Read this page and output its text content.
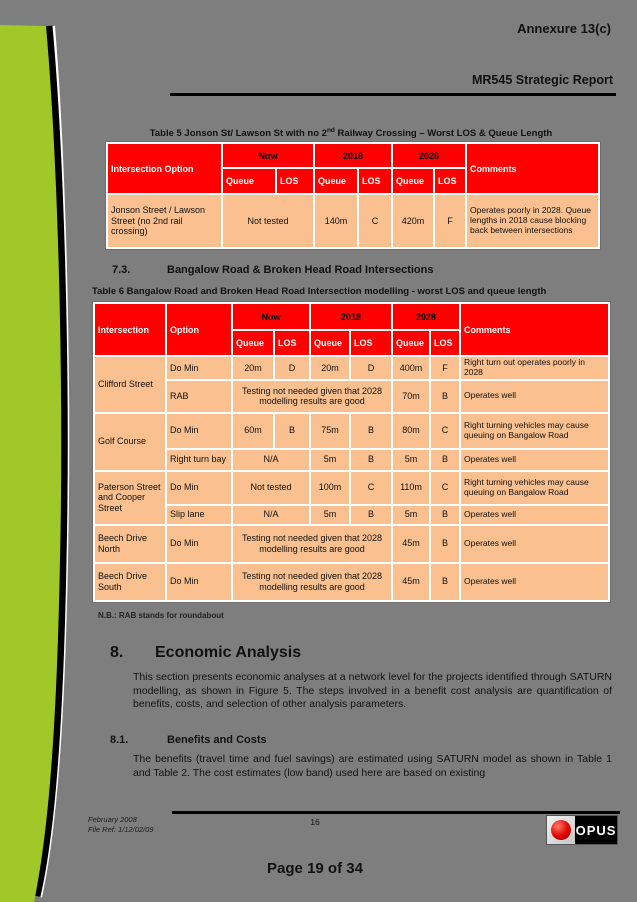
Annexure 13(c)
MR545 Strategic Report
Table 5 Jonson St/ Lawson St with no 2nd Railway Crossing – Worst LOS & Queue Length
Intersection Option	Now		2018		2028		Comments
	Queue	LOS	Queue	LOS	Queue	LOS	
Jonson Street / Lawson Street (no 2nd rail crossing)	Not tested		140m	C	420m	F	Operates poorly in 2028. Queue lengths in 2018 cause blocking back between intersections
7.3.	Bangalow Road & Broken Head Road Intersections
Table 6 Bangalow Road and Broken Head Road Intersection modelling - worst LOS and queue length
Intersection	Option	Now		2018		2028		Comments
		Queue	LOS	Queue	LOS	Queue	LOS	
Clifford Street	Do Min	20m	D	20m	D	400m	F	Right turn out operates poorly in 2028
	RAB	Testing not needed given that 2028 modelling results are good				70m	B	Operates well
Golf Course	Do Min	60m	B	75m	B	80m	C	Right turning vehicles may cause queuing on Bangalow Road
	Right turn bay	N/A		5m	B	5m	B	Operates well
Paterson Street and Cooper Street	Do Min	Not tested		100m	C	110m	C	Right turning vehicles may cause queuing on Bangalow Road
	Slip lane	N/A		5m	B	5m	B	Operates well
Beech Drive North	Do Min	Testing not needed given that 2028 modelling results are good				45m	B	Operates well
Beech Drive South	Do Min	Testing not needed given that 2028 modelling results are good				45m	B	Operates well
N.B.: RAB stands for roundabout
8. Economic Analysis
This section presents economic analyses at a network level for the projects identified through SATURN modelling, as shown in Figure 5. The steps involved in a benefit cost analysis are quantification of benefits, costs, and selection of other analysis parameters.
8.1.	Benefits and Costs
The benefits (travel time and fuel savings) are estimated using SATURN model as shown in Table 1 and Table 2. The cost estimates (low band) used here are based on existing
February 2008
File Ref: 1/12/02/09
16
OPUS
Page 19 of 34
